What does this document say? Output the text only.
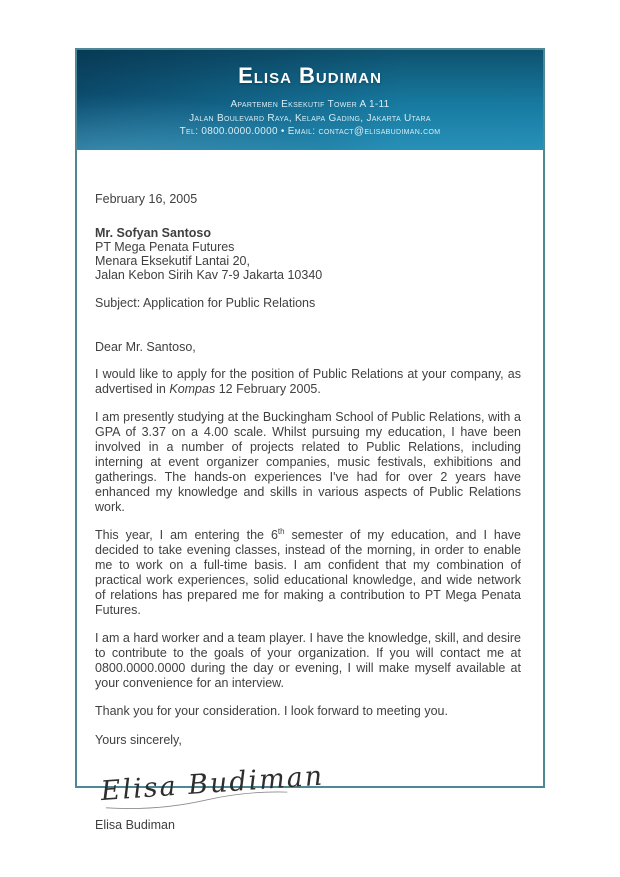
Elisa Budiman
Apartemen Eksekutif Tower A 1-11
Jalan Boulevard Raya, Kelapa Gading, Jakarta Utara
Tel: 0800.0000.0000 • Email: contact@elisabudiman.com
February 16, 2005
Mr. Sofyan Santoso
PT Mega Penata Futures
Menara Eksekutif Lantai 20,
Jalan Kebon Sirih Kav 7-9 Jakarta 10340
Subject: Application for Public Relations
Dear Mr. Santoso,

I would like to apply for the position of Public Relations at your company, as advertised in Kompas 12 February 2005.

I am presently studying at the Buckingham School of Public Relations, with a GPA of 3.37 on a 4.00 scale. Whilst pursuing my education, I have been involved in a number of projects related to Public Relations, including interning at event organizer companies, music festivals, exhibitions and gatherings. The hands-on experiences I've had for over 2 years have enhanced my knowledge and skills in various aspects of Public Relations work.

This year, I am entering the 6th semester of my education, and I have decided to take evening classes, instead of the morning, in order to enable me to work on a full-time basis. I am confident that my combination of practical work experiences, solid educational knowledge, and wide network of relations has prepared me for making a contribution to PT Mega Penata Futures.

I am a hard worker and a team player. I have the knowledge, skill, and desire to contribute to the goals of your organization. If you will contact me at 0800.0000.0000 during the day or evening, I will make myself available at your convenience for an interview.

Thank you for your consideration. I look forward to meeting you.

Yours sincerely,
Elisa Budiman
Elisa Budiman
